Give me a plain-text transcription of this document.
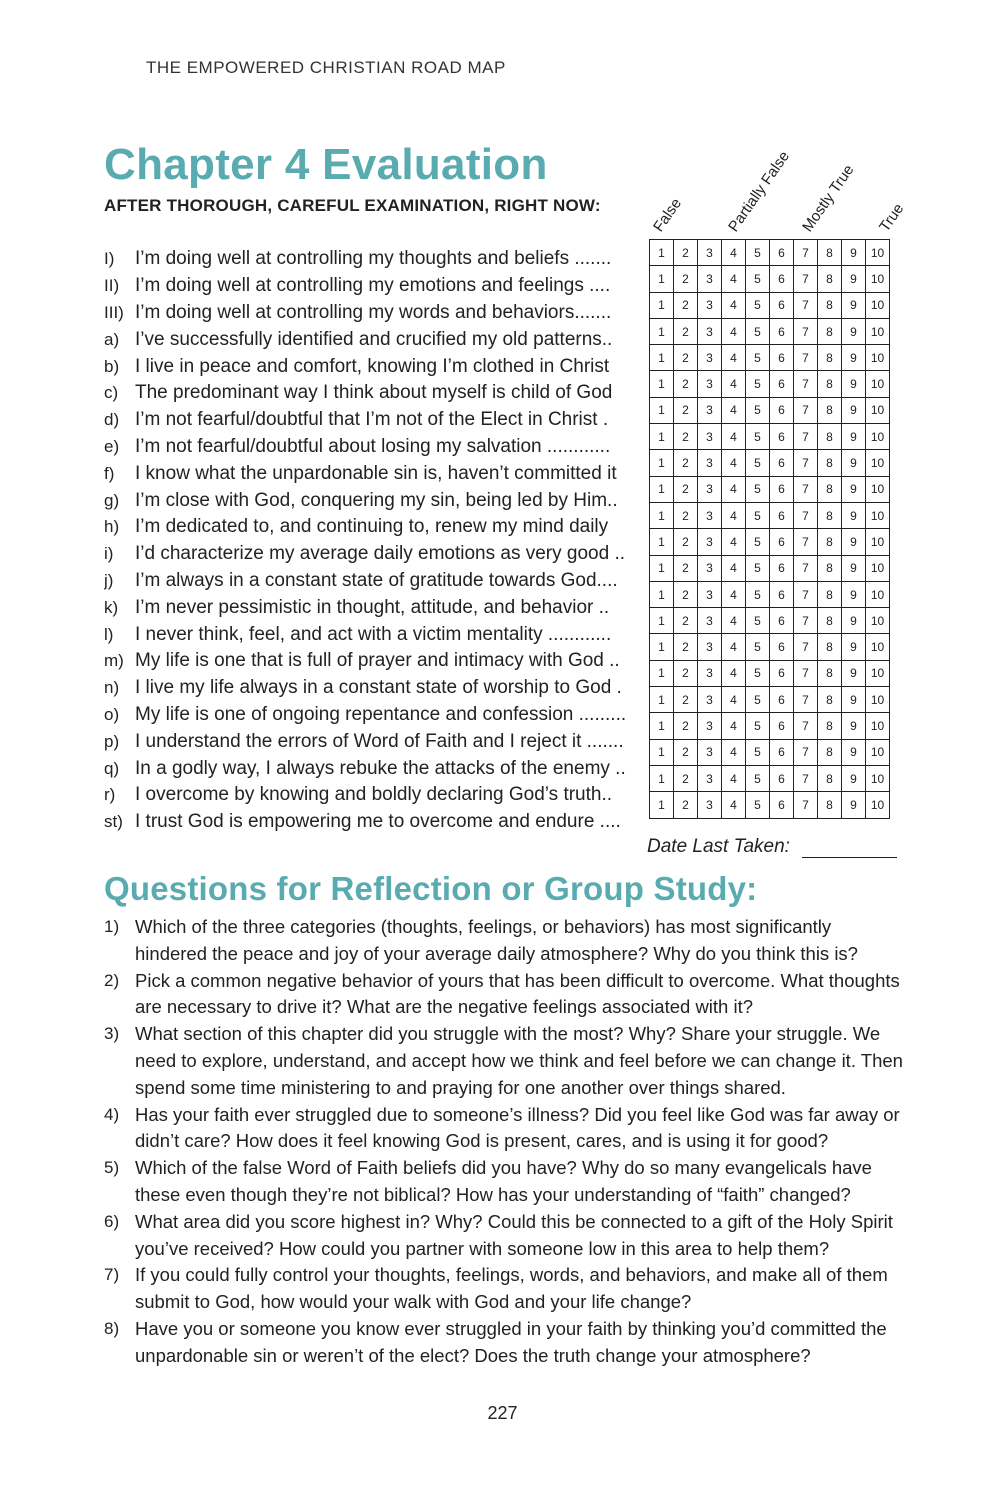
THE EMPOWERED CHRISTIAN ROAD MAP
Chapter 4 Evaluation
AFTER THOROUGH, CAREFUL EXAMINATION, RIGHT NOW:	False	Partially False Mostly True True
I)	I’m doing well at controlling my thoughts and beliefs .......
II) I’m doing well at controlling my emotions and feelings ....
III) I’m doing well at controlling my words and behaviors.......
a) I’ve successfully identified and crucified my old patterns..
b) I live in peace and comfort, knowing I’m clothed in Christ
c) The predominant way I think about myself is child of God
d) I’m not fearful/doubtful that I’m not of the Elect in Christ .
e) I’m not fearful/doubtful about losing my salvation ............
f)	I know what the unpardonable sin is, haven’t committed it
g) I’m close with God, conquering my sin, being led by Him..
h) I’m dedicated to, and continuing to, renew my mind daily
i)	I’d characterize my average daily emotions as very good ..
j)	I’m always in a constant state of gratitude towards God....
k) I’m never pessimistic in thought, attitude, and behavior ..
l)	I never think, feel, and act with a victim mentality ............
m) My life is one that is full of prayer and intimacy with God ..
n) I live my life always in a constant state of worship to God .
o) My life is one of ongoing repentance and confession .........
p) I understand the errors of Word of Faith and I reject it .......
q) In a godly way, I always rebuke the attacks of the enemy ..
r)	I overcome by knowing and boldly declaring God’s truth..
st) I trust God is empowering me to overcome and endure ....
1	2	3	4	5	6	7	8	9	10
1	2	3	4	5	6	7	8	9	10
1	2	3	4	5	6	7	8	9	10
1	2	3	4	5	6	7	8	9	10
1	2	3	4	5	6	7	8	9	10
1	2	3	4	5	6	7	8	9	10
1	2	3	4	5	6	7	8	9	10
1	2	3	4	5	6	7	8	9	10
1	2	3	4	5	6	7	8	9	10
1	2	3	4	5	6	7	8	9	10
1	2	3	4	5	6	7	8	9	10
1	2	3	4	5	6	7	8	9	10
1	2	3	4	5	6	7	8	9	10
1	2	3	4	5	6	7	8	9	10
1	2	3	4	5	6	7	8	9	10
1	2	3	4	5	6	7	8	9	10
1	2	3	4	5	6	7	8	9	10
1	2	3	4	5	6	7	8	9	10
1	2	3	4	5	6	7	8	9	10
1	2	3	4	5	6	7	8	9	10
1	2	3	4	5	6	7	8	9	10
1	2	3	4	5	6	7	8	9	10
Date Last Taken:
Questions for Reflection or Group Study:
1) Which of the three categories (thoughts, feelings, or behaviors) has most significantly hindered the peace and joy of your average daily atmosphere? Why do you think this is?
2) Pick a common negative behavior of yours that has been difficult to overcome. What thoughts are necessary to drive it? What are the negative feelings associated with it?
3) What section of this chapter did you struggle with the most? Why? Share your struggle. We need to explore, understand, and accept how we think and feel before we can change it. Then spend some time ministering to and praying for one another over things shared.
4) Has your faith ever struggled due to someone’s illness? Did you feel like God was far away or didn’t care? How does it feel knowing God is present, cares, and is using it for good?
5) Which of the false Word of Faith beliefs did you have? Why do so many evangelicals have these even though they’re not biblical? How has your understanding of “faith” changed?
6) What area did you score highest in? Why? Could this be connected to a gift of the Holy Spirit you’ve received? How could you partner with someone low in this area to help them?
7) If you could fully control your thoughts, feelings, words, and behaviors, and make all of them submit to God, how would your walk with God and your life change?
8) Have you or someone you know ever struggled in your faith by thinking you’d committed the unpardonable sin or weren’t of the elect? Does the truth change your atmosphere?
227
